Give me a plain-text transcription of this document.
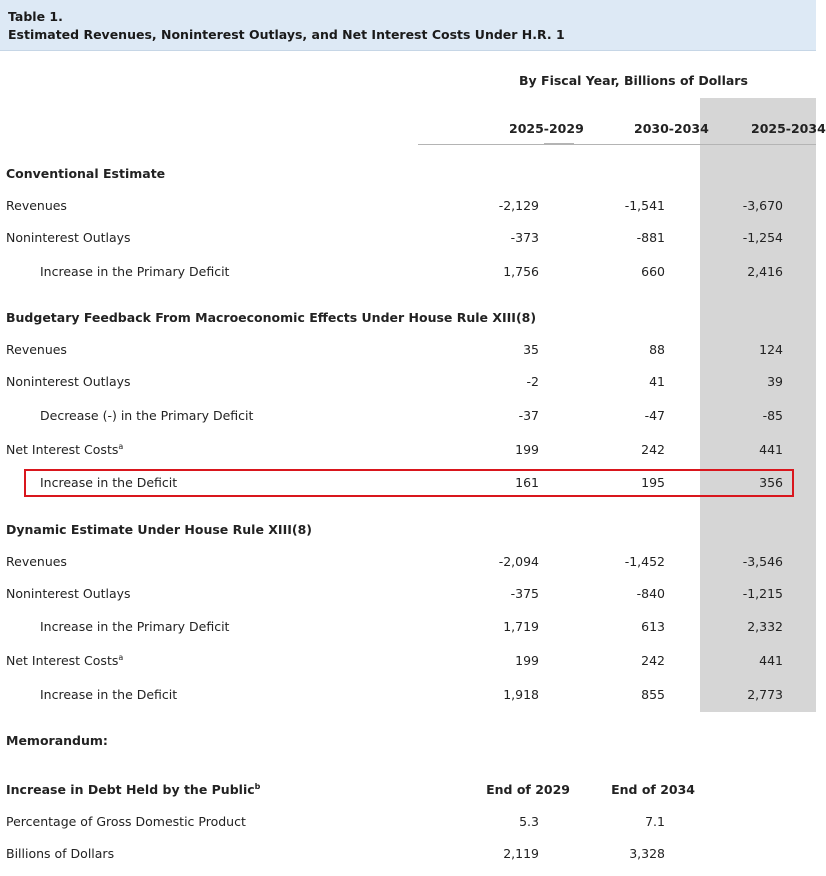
Table 1.
Estimated Revenues, Noninterest Outlays, and Net Interest Costs Under H.R. 1
By Fiscal Year, Billions of Dollars
2025-2029	2030-2034	2025-2034
Conventional Estimate
Revenues	-2,129	-1,541	-3,670
Noninterest Outlays	-373	-881	-1,254
Increase in the Primary Deficit	1,756	660	2,416
Budgetary Feedback From Macroeconomic Effects Under House Rule XIII(8)
Revenues	35	88	124
Noninterest Outlays	-2	41	39
Decrease (-) in the Primary Deficit	-37	-47	-85
Net Interest Costs$^a$	199	242	441
Increase in the Deficit	161	195	356
Dynamic Estimate Under House Rule XIII(8)
Revenues	-2,094	-1,452	-3,546
Noninterest Outlays	-375	-840	-1,215
Increase in the Primary Deficit	1,719	613	2,332
Net Interest Costs$^a$	199	242	441
Increase in the Deficit	1,918	855	2,773
Memorandum:
Increase in Debt Held by the Public$^b$	End of 2029	End of 2034
Percentage of Gross Domestic Product	5.3	7.1
Billions of Dollars	2,119	3,328
